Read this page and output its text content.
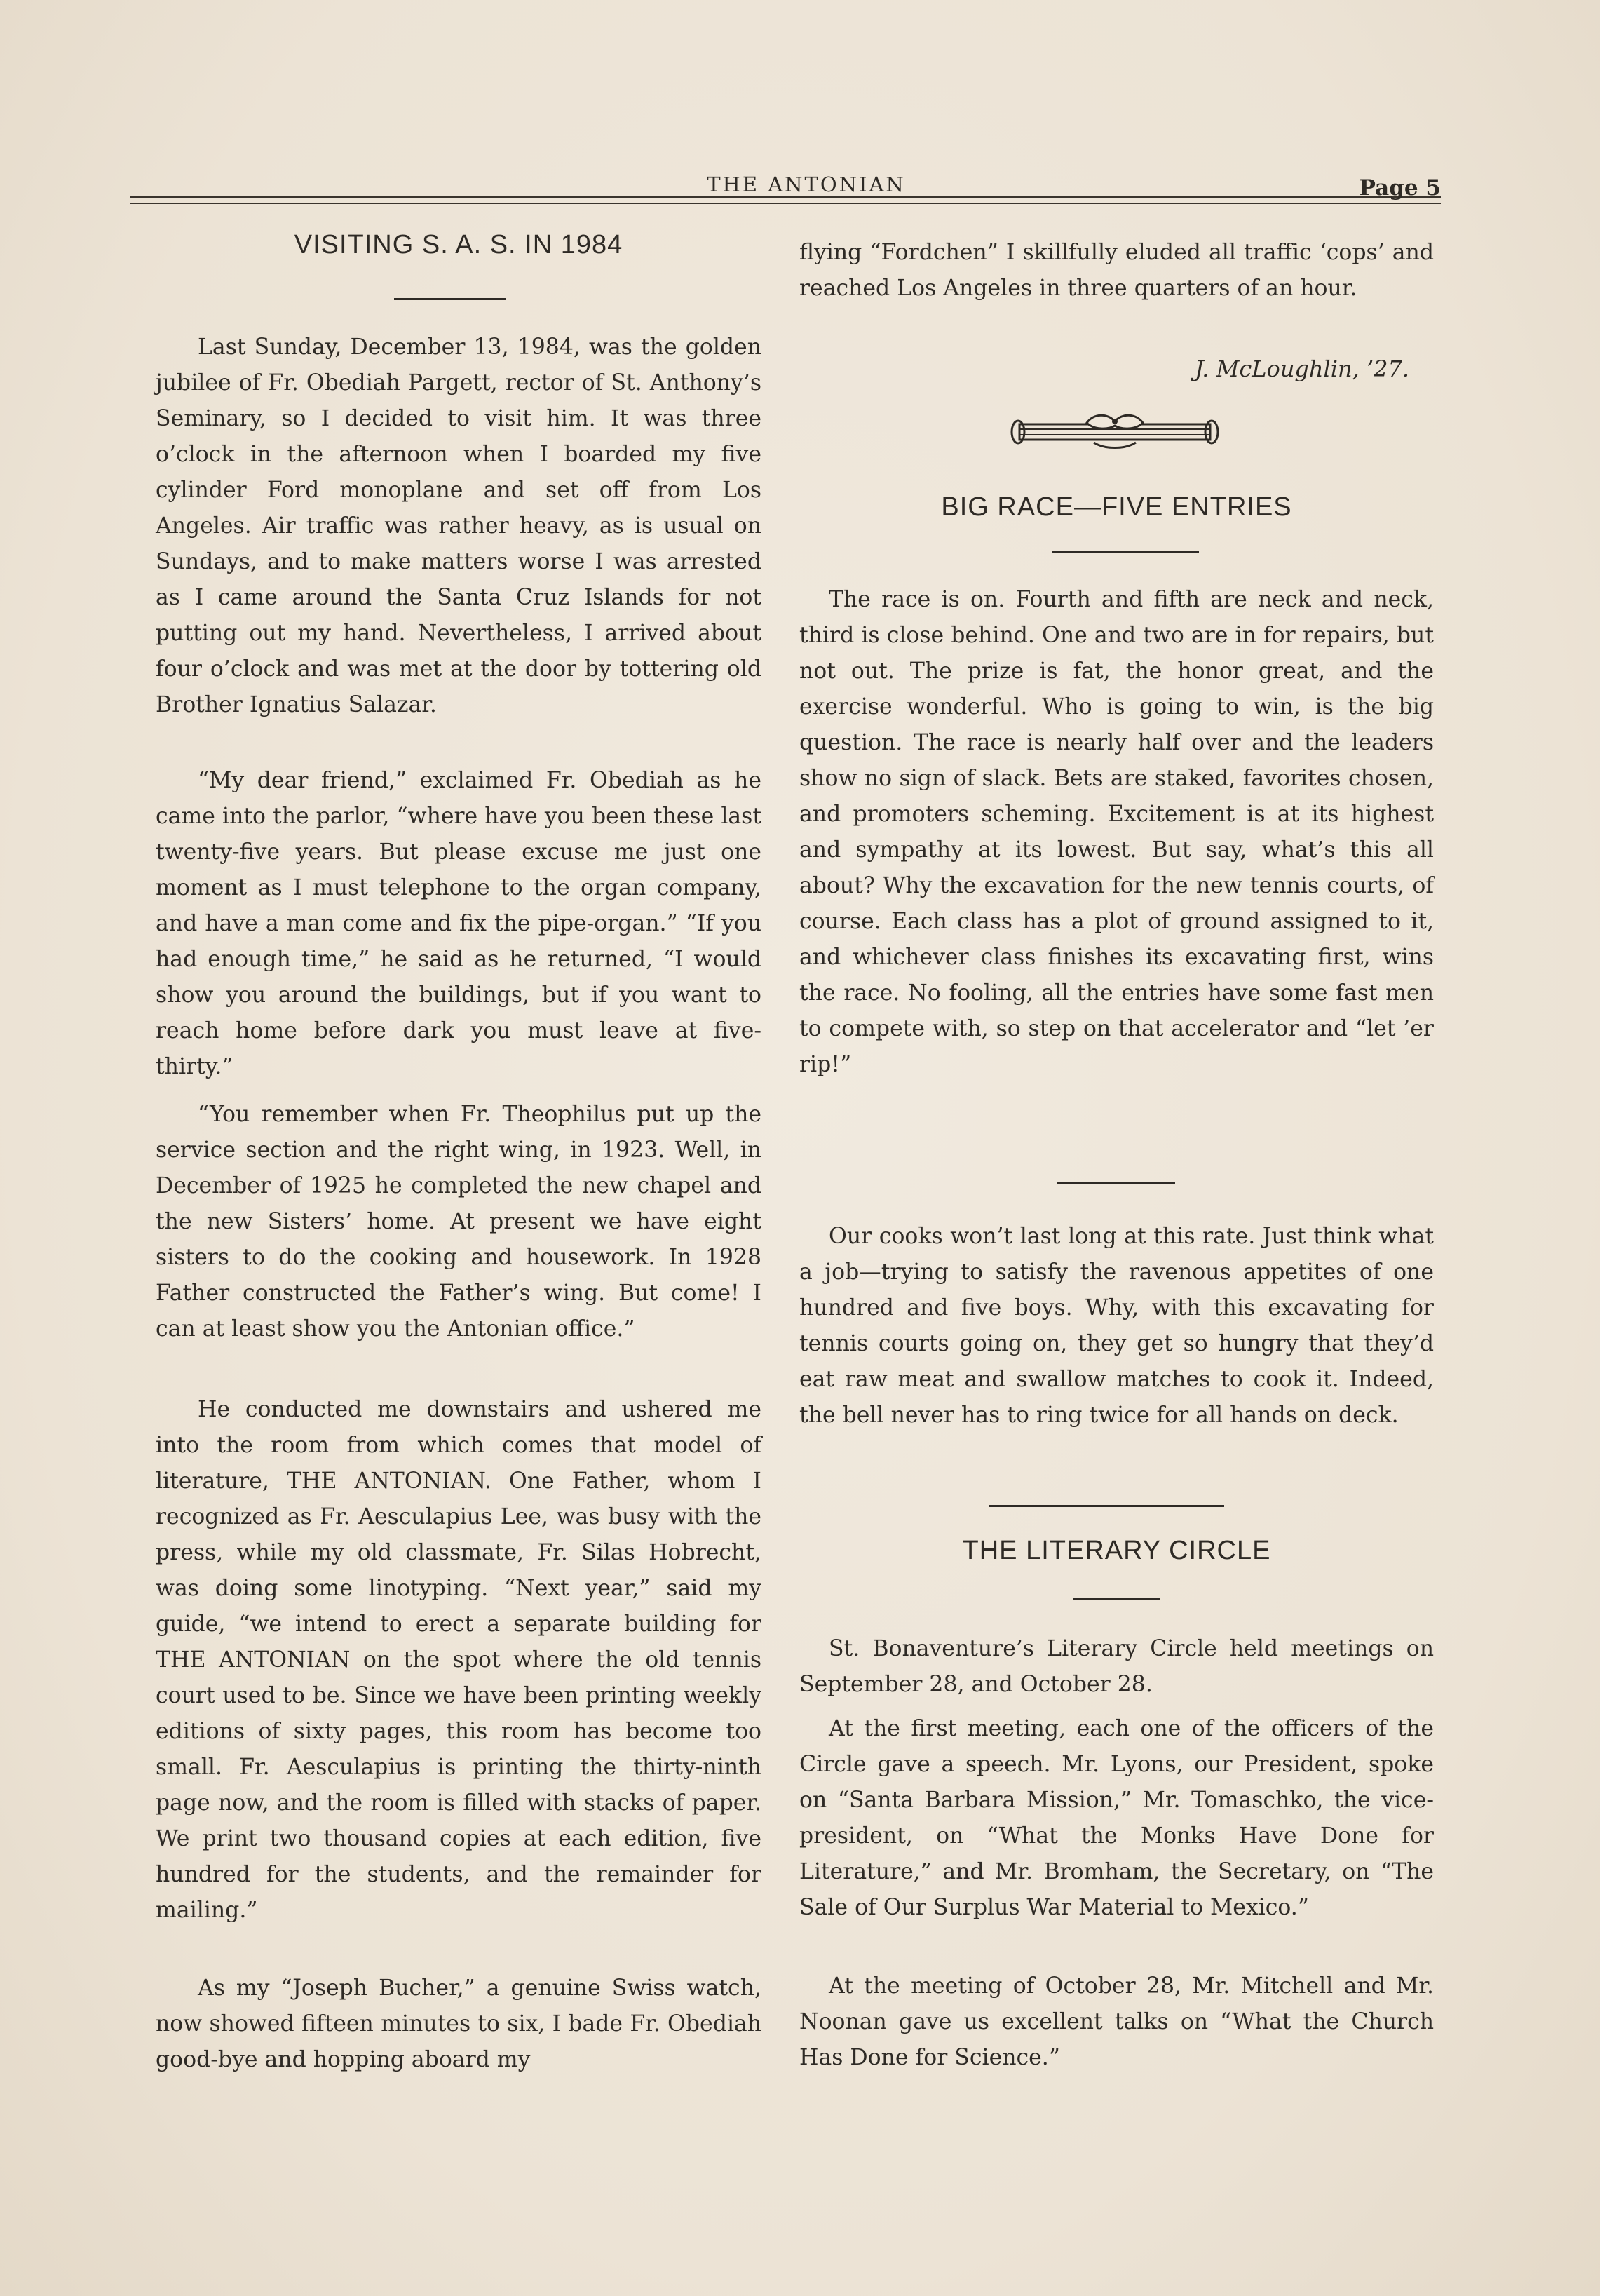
THE ANTONIAN	Page 5
VISITING S. A. S. IN 1984

Last Sunday, December 13, 1984, was the golden jubilee of Fr. Obediah Pargett, rector of St. Anthony’s Seminary, so I decided to visit him. It was three o’clock in the afternoon when I boarded my five cylinder Ford monoplane and set off from Los Angeles. Air traffic was rather heavy, as is usual on Sundays, and to make matters worse I was arrested as I came around the Santa Cruz Islands for not putting out my hand. Nevertheless, I arrived about four o’clock and was met at the door by tottering old Brother Ignatius Salazar.

“My dear friend,” exclaimed Fr. Obediah as he came into the parlor, “where have you been these last twenty-five years. But please excuse me just one moment as I must telephone to the organ company, and have a man come and fix the pipe-organ.” “If you had enough time,” he said as he returned, “I would show you around the buildings, but if you want to reach home before dark you must leave at five-thirty.”

“You remember when Fr. Theophilus put up the service section and the right wing, in 1923. Well, in December of 1925 he completed the new chapel and the new Sisters’ home. At present we have eight sisters to do the cooking and housework. In 1928 Father constructed the Father’s wing. But come! I can at least show you the Antonian office.”

He conducted me downstairs and ushered me into the room from which comes that model of literature, THE ANTONIAN. One Father, whom I recognized as Fr. Aesculapius Lee, was busy with the press, while my old classmate, Fr. Silas Hobrecht, was doing some linotyping. “Next year,” said my guide, “we intend to erect a separate building for THE ANTONIAN on the spot where the old tennis court used to be. Since we have been printing weekly editions of sixty pages, this room has become too small. Fr. Aesculapius is printing the thirty-ninth page now, and the room is filled with stacks of paper. We print two thousand copies at each edition, five hundred for the students, and the remainder for mailing.”

As my “Joseph Bucher,” a genuine Swiss watch, now showed fifteen minutes to six, I bade Fr. Obediah good-bye and hopping aboard my

flying “Fordchen” I skillfully eluded all traffic ‘cops’ and reached Los Angeles in three quarters of an hour.

J. McLoughlin, ’27.
BIG RACE—FIVE ENTRIES

The race is on. Fourth and fifth are neck and neck, third is close behind. One and two are in for repairs, but not out. The prize is fat, the honor great, and the exercise wonderful. Who is going to win, is the big question. The race is nearly half over and the leaders show no sign of slack. Bets are staked, favorites chosen, and promoters scheming. Excitement is at its highest and sympathy at its lowest. But say, what’s this all about? Why the excavation for the new tennis courts, of course. Each class has a plot of ground assigned to it, and whichever class finishes its excavating first, wins the race. No fooling, all the entries have some fast men to compete with, so step on that accelerator and “let ’er rip!”

Our cooks won’t last long at this rate. Just think what a job—trying to satisfy the ravenous appetites of one hundred and five boys. Why, with this excavating for tennis courts going on, they get so hungry that they’d eat raw meat and swallow matches to cook it. Indeed, the bell never has to ring twice for all hands on deck.

THE LITERARY CIRCLE

St. Bonaventure’s Literary Circle held meetings on September 28, and October 28.

At the first meeting, each one of the officers of the Circle gave a speech. Mr. Lyons, our President, spoke on “Santa Barbara Mission,” Mr. Tomaschko, the vice-president, on “What the Monks Have Done for Literature,” and Mr. Bromham, the Secretary, on “The Sale of Our Surplus War Material to Mexico.”

At the meeting of October 28, Mr. Mitchell and Mr. Noonan gave us excellent talks on “What the Church Has Done for Science.”
